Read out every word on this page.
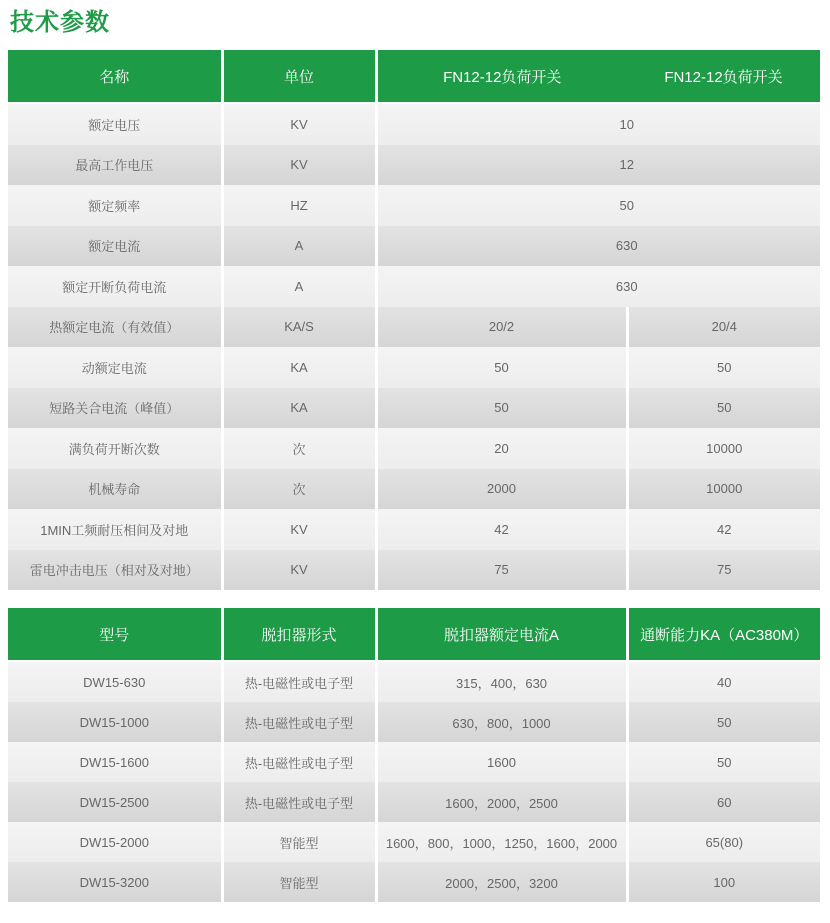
技术参数
名称	单位	FN12-12负荷开关	FN12-12负荷开关
额定电压	KV	10	
最高工作电压	KV	12	
额定频率	HZ	50	
额定电流	A	630	
额定开断负荷电流	A	630	
热额定电流（有效值）	KA/S	20/2	20/4
动额定电流	KA	50	50
短路关合电流（峰值）	KA	50	50
满负荷开断次数	次	20	10000
机械寿命	次	2000	10000
1MIN工频耐压相间及对地	KV	42	42
雷电冲击电压（相对及对地）	KV	75	75
型号	脱扣器形式	脱扣器额定电流A	通断能力KA（AC380M）
DW15-630	热-电磁性或电子型	315，400，630	40
DW15-1000	热-电磁性或电子型	630，800，1000	50
DW15-1600	热-电磁性或电子型	1600	50
DW15-2500	热-电磁性或电子型	1600，2000，2500	60
DW15-2000	智能型	1600，800，1000，1250，1600，2000	65(80)
DW15-3200	智能型	2000，2500，3200	100
